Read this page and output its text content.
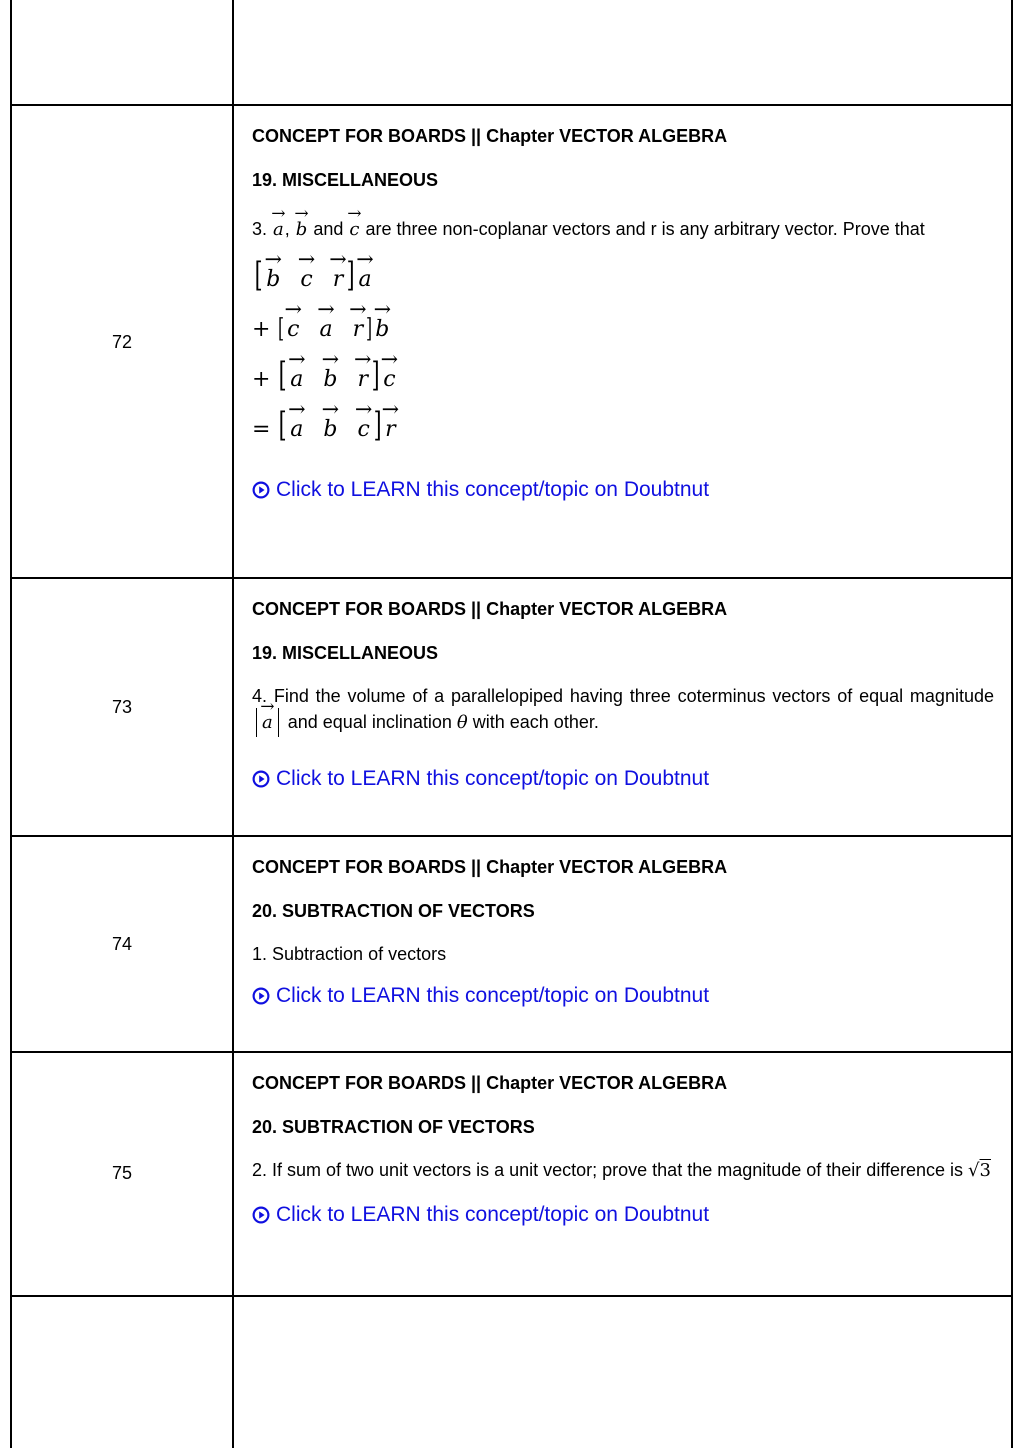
72

CONCEPT FOR BOARDS || Chapter VECTOR ALGEBRA

19. MISCELLANEOUS

3. → a, → b and → c are three non-coplanar vectors and r is any arbitrary vector. Prove that
[ → b → c → r ] → a
+ [ → c → a → r ] → b
+ [ → a → b → r ] → c
= [ → a → b → c ] → r
Click to LEARN this concept/topic on Doubtnut
73

CONCEPT FOR BOARDS || Chapter VECTOR ALGEBRA

19. MISCELLANEOUS

4. Find the volume of a parallelopiped having three coterminus vectors of equal magnitude → a and equal inclination θ with each other.
Click to LEARN this concept/topic on Doubtnut
74

CONCEPT FOR BOARDS || Chapter VECTOR ALGEBRA

20. SUBTRACTION OF VECTORS

1. Subtraction of vectors
Click to LEARN this concept/topic on Doubtnut
75

CONCEPT FOR BOARDS || Chapter VECTOR ALGEBRA

20. SUBTRACTION OF VECTORS

2. If sum of two unit vectors is a unit vector; prove that the magnitude of their difference is √3
Click to LEARN this concept/topic on Doubtnut
